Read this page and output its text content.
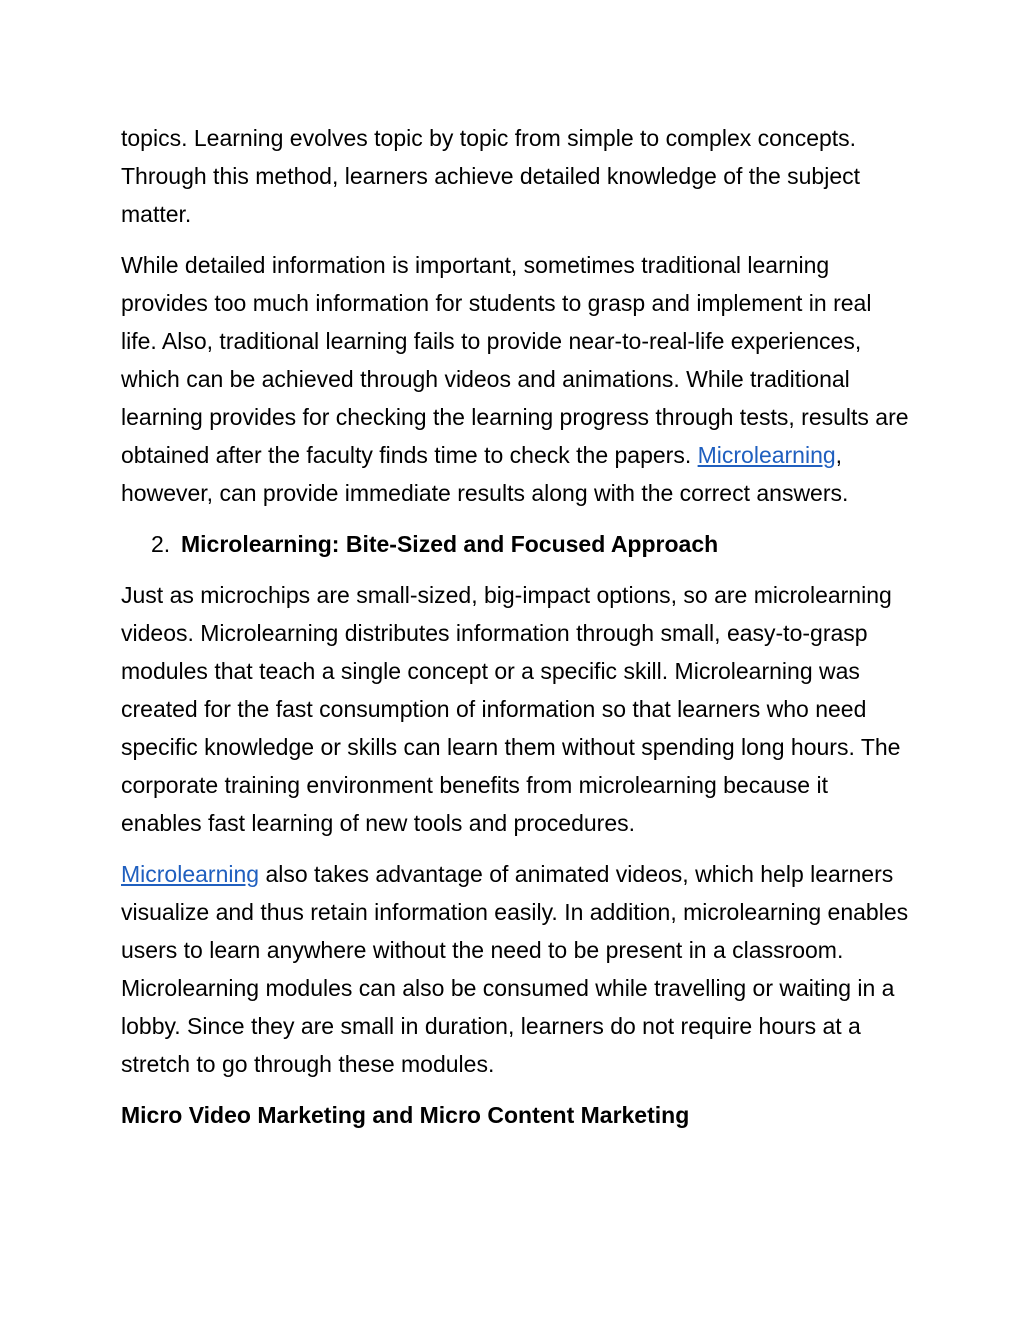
topics. Learning evolves topic by topic from simple to complex concepts. Through this method, learners achieve detailed knowledge of the subject matter.

While detailed information is important, sometimes traditional learning provides too much information for students to grasp and implement in real life. Also, traditional learning fails to provide near-to-real-life experiences, which can be achieved through videos and animations. While traditional learning provides for checking the learning progress through tests, results are obtained after the faculty finds time to check the papers. Microlearning, however, can provide immediate results along with the correct answers.

2. Microlearning: Bite-Sized and Focused Approach

Just as microchips are small-sized, big-impact options, so are microlearning videos. Microlearning distributes information through small, easy-to-grasp modules that teach a single concept or a specific skill. Microlearning was created for the fast consumption of information so that learners who need specific knowledge or skills can learn them without spending long hours. The corporate training environment benefits from microlearning because it enables fast learning of new tools and procedures.

Microlearning also takes advantage of animated videos, which help learners visualize and thus retain information easily. In addition, microlearning enables users to learn anywhere without the need to be present in a classroom. Microlearning modules can also be consumed while travelling or waiting in a lobby. Since they are small in duration, learners do not require hours at a stretch to go through these modules.

Micro Video Marketing and Micro Content Marketing
